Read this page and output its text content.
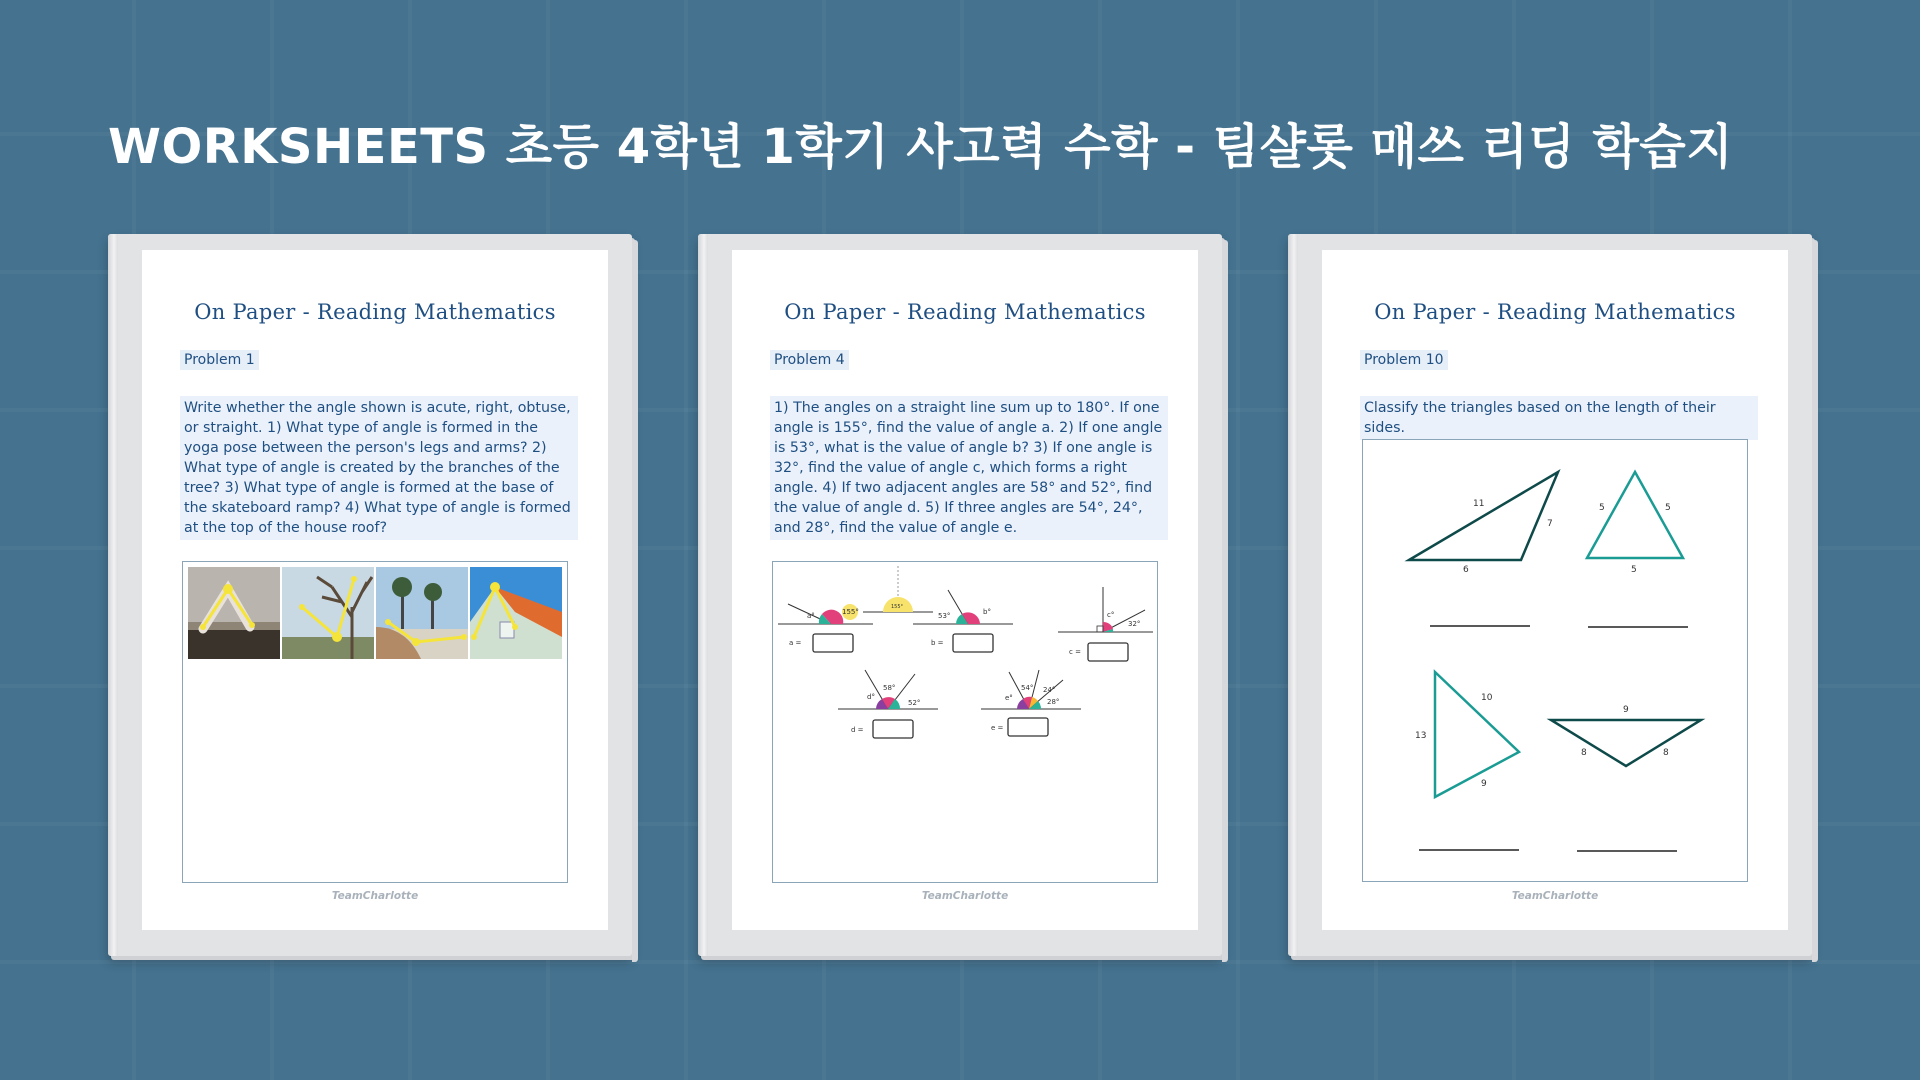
WORKSHEETS 초등 4학년 1학기 사고력 수학 - 팀샬롯 매쓰 리딩 학습지
On Paper - Reading Mathematics
Problem 1
Write whether the angle shown is acute, right, obtuse, or straight. 1) What type of angle is formed in the yoga pose between the person's legs and arms? 2) What type of angle is created by the branches of the tree? 3) What type of angle is formed at the base of the skateboard ramp? 4) What type of angle is formed at the top of the house roof?
TeamCharlotte
On Paper - Reading Mathematics
Problem 4
1) The angles on a straight line sum up to 180°. If one angle is 155°, find the value of angle a. 2) If one angle is 53°, what is the value of angle b? 3) If one angle is 32°, find the value of angle c, which forms a right angle. 4) If two adjacent angles are 58° and 52°, find the value of angle d. 5) If three angles are 54°, 24°, and 28°, find the value of angle e.
a°	155°
a =
155°
53°	b°
b =
c°
32°
c =
d°
58°
52°
d =
e°
54° 24°
28°
e =
TeamCharlotte
On Paper - Reading Mathematics
Problem 10
Classify the triangles based on the length of their sides.
11
7
6
5	5
5
10
13
9
9
8	8
TeamCharlotte
